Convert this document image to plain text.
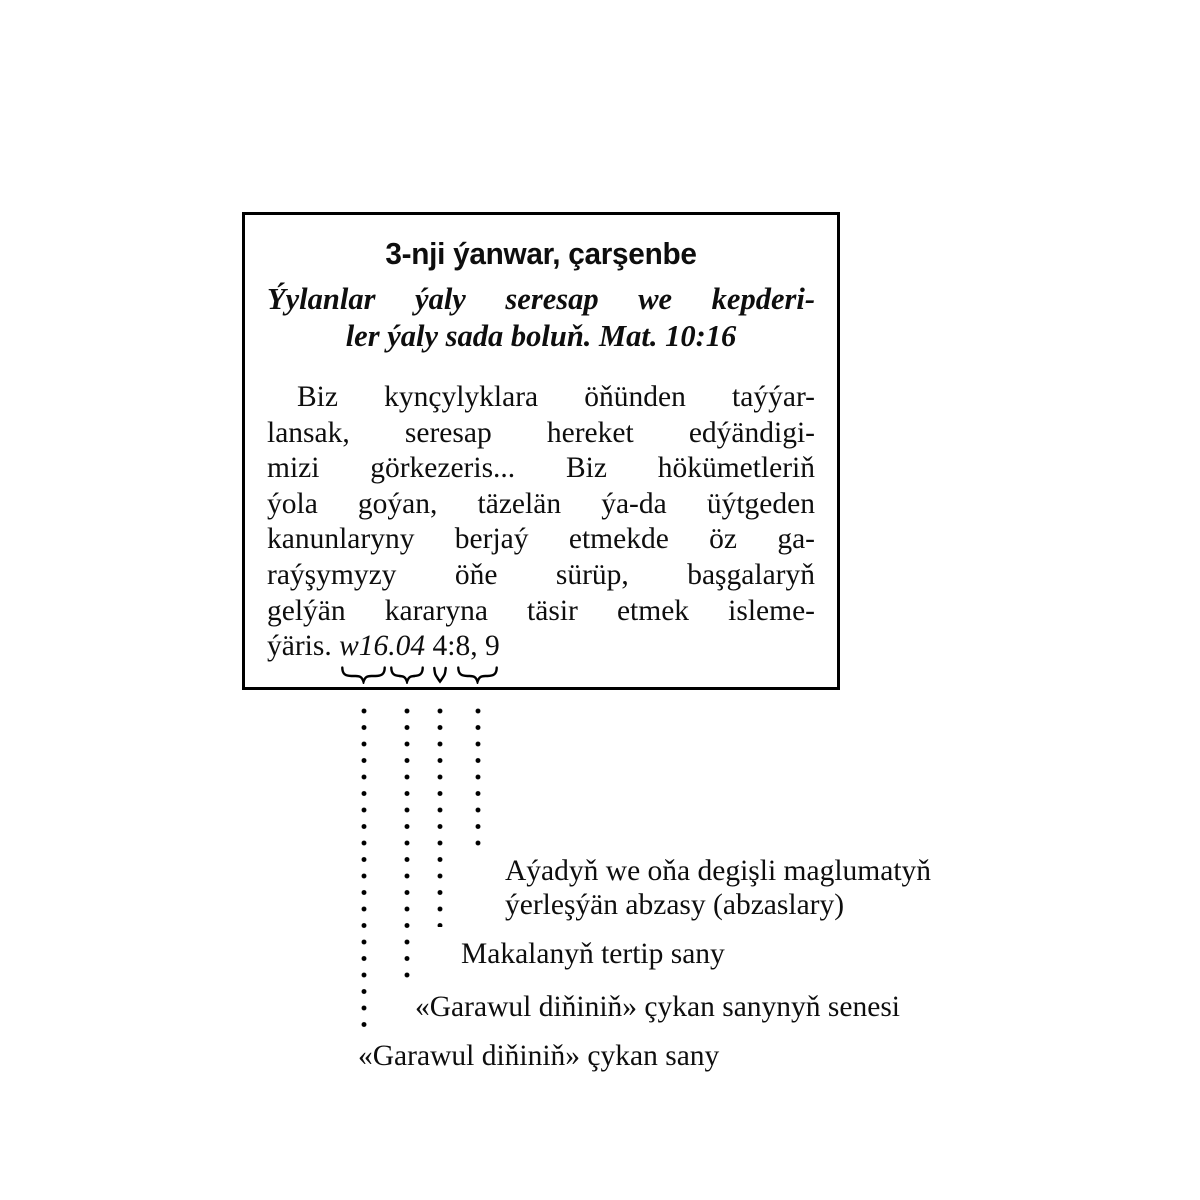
3-nji ýanwar, çarşenbe
Ýylanlar ýaly seresap we kepderi-
ler ýaly sada boluň. Mat. 10:16
Biz kynçylyklara öňünden taýýar-
lansak, seresap hereket edýändigi-
mizi görkezeris... Biz hökümetleriň
ýola goýan, täzelän ýa-da üýtgeden
kanunlaryny berjaý etmekde öz ga-
raýşymyzy öňe sürüp, başgalaryň
gelýän kararyna täsir etmek isleme-
ýäris. w16.04 4:8, 9
«Garawul diňiniň» çykan sany
«Garawul diňiniň» çykan sanynyň senesi
Makalanyň tertip sany
Aýadyň we oňa degişli maglumatyň
ýerleşýän abzasy (abzaslary)
